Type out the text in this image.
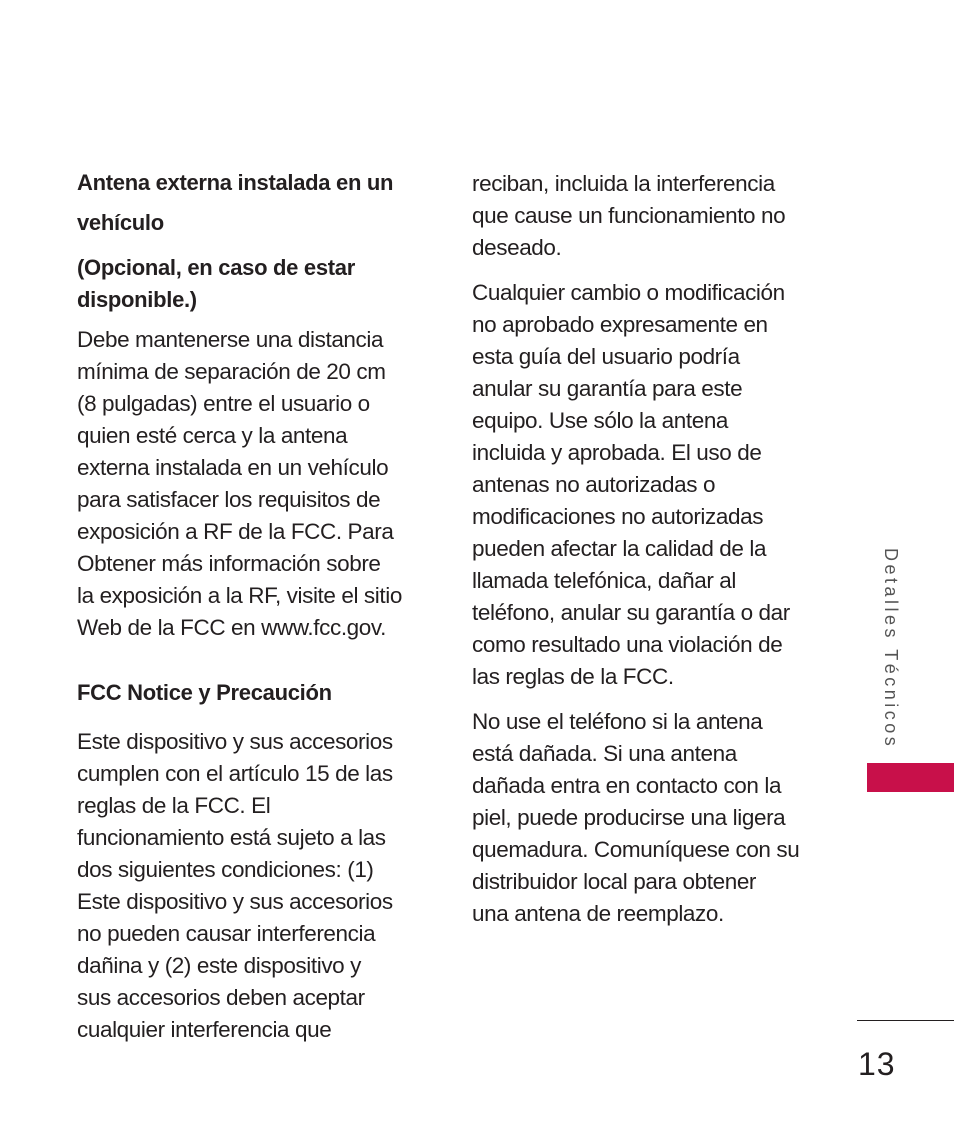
Antena externa instalada en un
vehículo
(Opcional, en caso de estar
disponible.)

Debe mantenerse una distancia
mínima de separación de 20 cm
(8 pulgadas) entre el usuario o
quien esté cerca y la antena
externa instalada en un vehículo
para satisfacer los requisitos de
exposición a RF de la FCC. Para
Obtener más información sobre
la exposición a la RF, visite el sitio
Web de la FCC en www.fcc.gov.

FCC Notice y Precaución

Este dispositivo y sus accesorios
cumplen con el artículo 15 de las
reglas de la FCC. El
funcionamiento está sujeto a las
dos siguientes condiciones: (1)
Este dispositivo y sus accesorios
no pueden causar interferencia
dañina y (2) este dispositivo y
sus accesorios deben aceptar
cualquier interferencia que

reciban, incluida la interferencia
que cause un funcionamiento no
deseado.

Cualquier cambio o modificación
no aprobado expresamente en
esta guía del usuario podría
anular su garantía para este
equipo. Use sólo la antena
incluida y aprobada. El uso de
antenas no autorizadas o
modificaciones no autorizadas
pueden afectar la calidad de la
llamada telefónica, dañar al
teléfono, anular su garantía o dar
como resultado una violación de
las reglas de la FCC.

No use el teléfono si la antena
está dañada. Si una antena
dañada entra en contacto con la
piel, puede producirse una ligera
quemadura. Comuníquese con su
distribuidor local para obtener
una antena de reemplazo.

Detalles Técnicos
13
